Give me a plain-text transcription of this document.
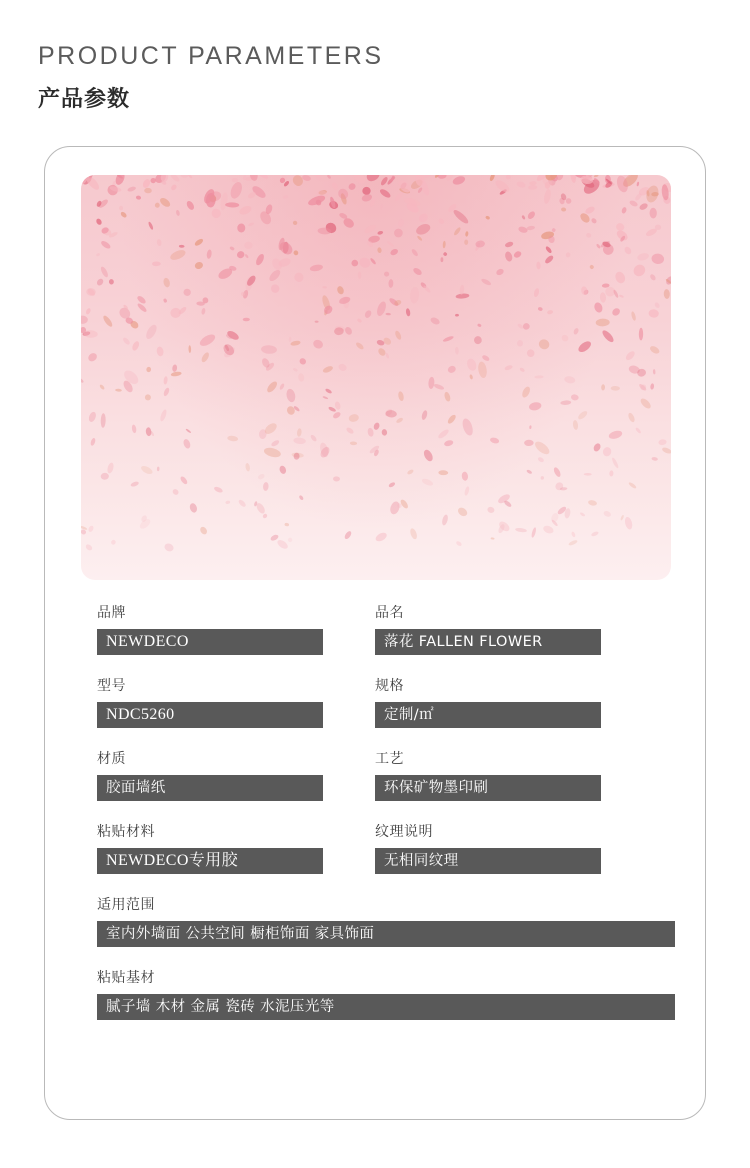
PRODUCT PARAMETERS
产品参数
品牌
NEWDECO
品名
落花 FALLEN FLOWER
型号
NDC5260
规格
定制/㎡
材质
胶面墙纸
工艺
环保矿物墨印刷
粘贴材料
NEWDECO专用胶
纹理说明
无相同纹理
适用范围
室内外墙面 公共空间 橱柜饰面 家具饰面
粘贴基材
腻子墙 木材 金属 瓷砖 水泥压光等
